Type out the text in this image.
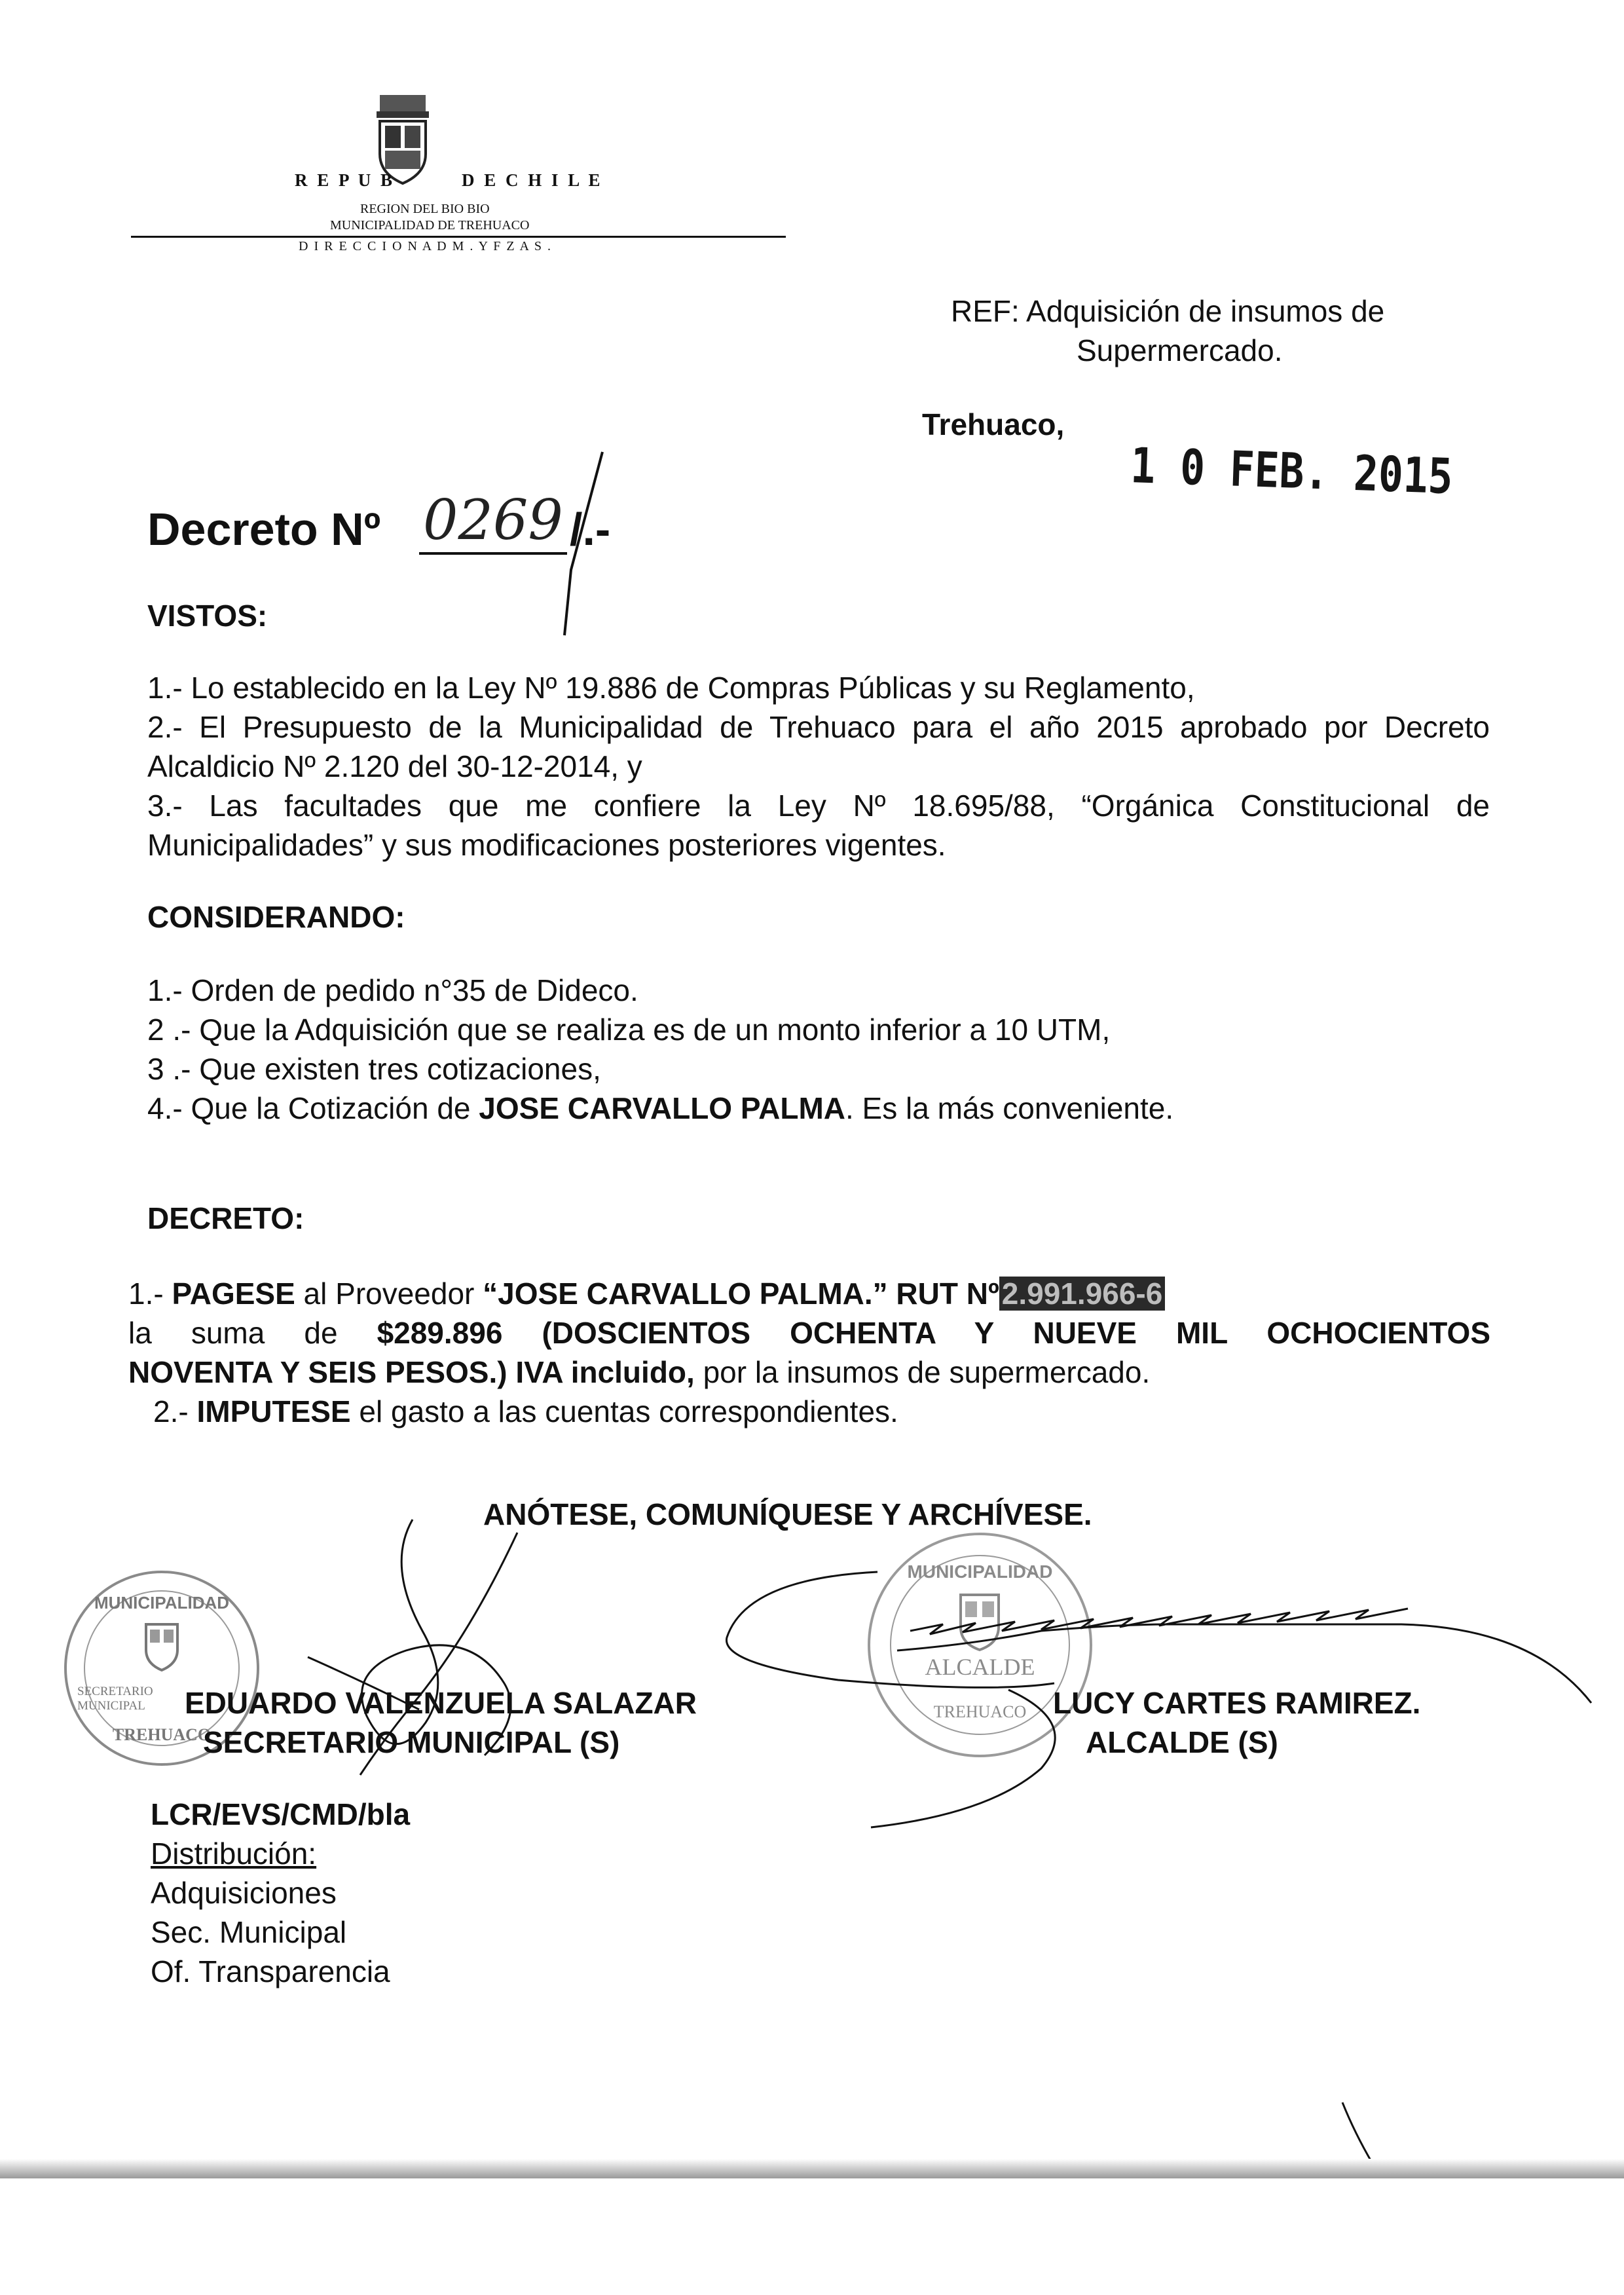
R E P U B	D E C H I L E
REGION DEL BIO BIO
MUNICIPALIDAD DE TREHUACO
D I R E C C I O N A D M . Y F Z A S .
REF: Adquisición de insumos de
Supermercado.
Trehuaco,
1 0 FEB. 2015
Decreto Nº 0269 /.-
VISTOS:

1.- Lo establecido en la Ley Nº 19.886 de Compras Públicas y su Reglamento,

2.- El Presupuesto de la Municipalidad de Trehuaco para el año 2015 aprobado por Decreto

Alcaldicio Nº 2.120 del 30-12-2014, y

3.- Las facultades que me confiere la Ley Nº 18.695/88, “Orgánica Constitucional de

Municipalidades” y sus modificaciones posteriores vigentes.

CONSIDERANDO:

1.- Orden de pedido n°35 de Dideco.

2 .- Que la Adquisición que se realiza es de un monto inferior a 10 UTM,

3 .- Que existen tres cotizaciones,

4.- Que la Cotización de JOSE CARVALLO PALMA. Es la más conveniente.

DECRETO:

1.- PAGESE al Proveedor “JOSE CARVALLO PALMA.” RUT Nº2.991.966-6

la suma de $289.896 (DOSCIENTOS OCHENTA Y NUEVE MIL OCHOCIENTOS

NOVENTA Y SEIS PESOS.) IVA incluido, por la insumos de supermercado.

2.- IMPUTESE el gasto a las cuentas correspondientes.

ANÓTESE, COMUNÍQUESE Y ARCHÍVESE.
MUNICIPALIDAD
SECRETARIO MUNICIPAL
TREHUACO
MUNICIPALIDAD
ALCALDE
TREHUACO

EDUARDO VALENZUELA SALAZAR

SECRETARIO MUNICIPAL (S)

LUCY CARTES RAMIREZ.

ALCALDE (S)

LCR/EVS/CMD/bla

Distribución:

Adquisiciones

Sec. Municipal

Of. Transparencia
